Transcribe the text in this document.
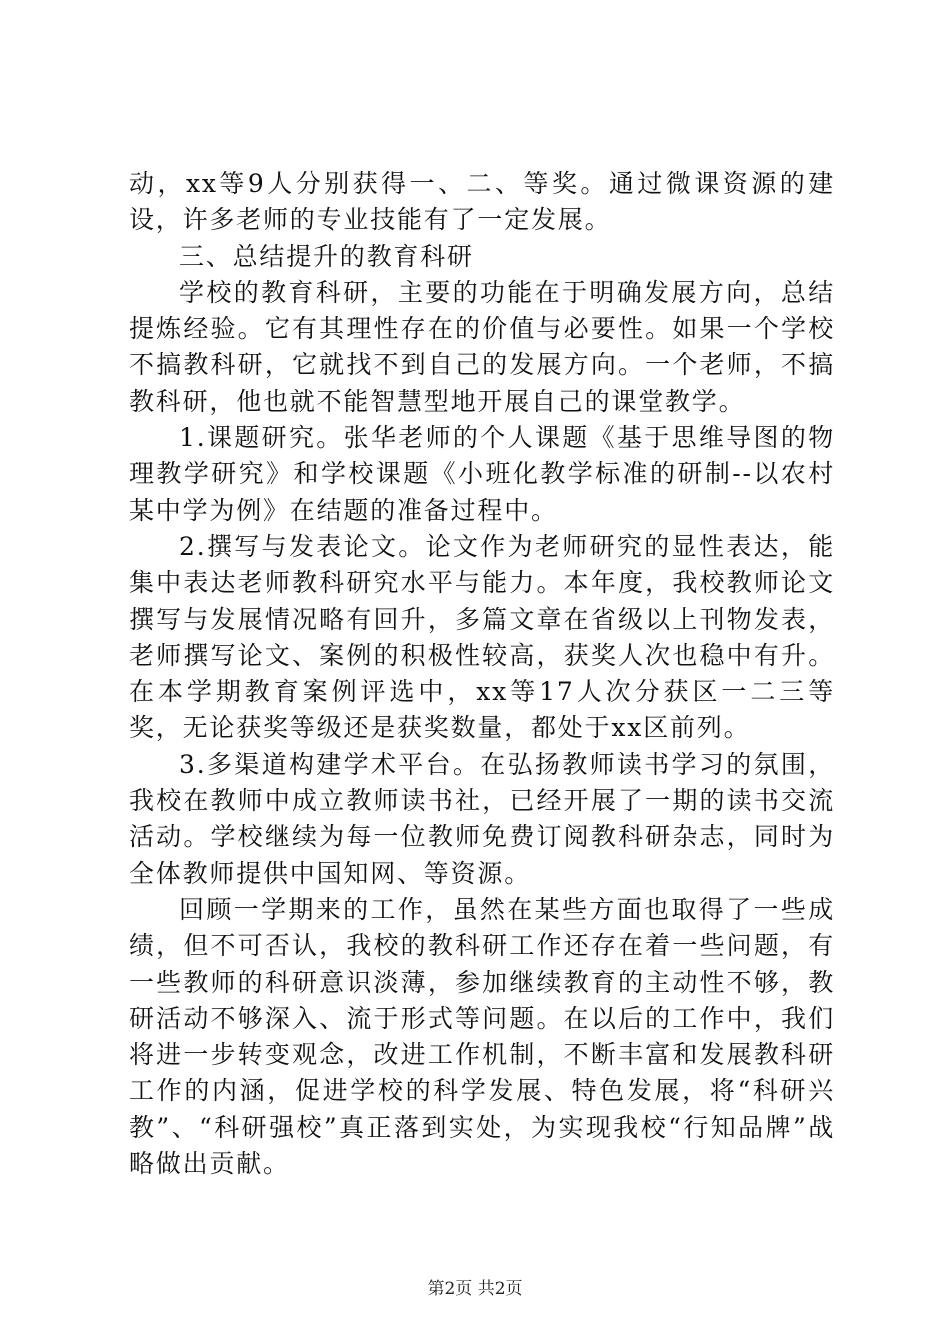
动，xx等9人分别获得一、二、等奖。通过微课资源的建设，许多老师的专业技能有了一定发展。

三、总结提升的教育科研

学校的教育科研，主要的功能在于明确发展方向，总结提炼经验。它有其理性存在的价值与必要性。如果一个学校不搞教科研，它就找不到自己的发展方向。一个老师，不搞教科研，他也就不能智慧型地开展自己的课堂教学。

1.课题研究。张华老师的个人课题《基于思维导图的物理教学研究》和学校课题《小班化教学标准的研制--以农村某中学为例》在结题的准备过程中。

2.撰写与发表论文。论文作为老师研究的显性表达，能集中表达老师教科研究水平与能力。本年度，我校教师论文撰写与发展情况略有回升，多篇文章在省级以上刊物发表，老师撰写论文、案例的积极性较高，获奖人次也稳中有升。在本学期教育案例评选中，xx等17人次分获区一二三等奖，无论获奖等级还是获奖数量，都处于xx区前列。

3.多渠道构建学术平台。在弘扬教师读书学习的氛围，我校在教师中成立教师读书社，已经开展了一期的读书交流活动。学校继续为每一位教师免费订阅教科研杂志，同时为全体教师提供中国知网、等资源。

回顾一学期来的工作，虽然在某些方面也取得了一些成绩，但不可否认，我校的教科研工作还存在着一些问题，有一些教师的科研意识淡薄，参加继续教育的主动性不够，教研活动不够深入、流于形式等问题。在以后的工作中，我们将进一步转变观念，改进工作机制，不断丰富和发展教科研工作的内涵，促进学校的科学发展、特色发展，将“科研兴教”、“科研强校”真正落到实处，为实现我校“行知品牌”战略做出贡献。

第2页 共2页
